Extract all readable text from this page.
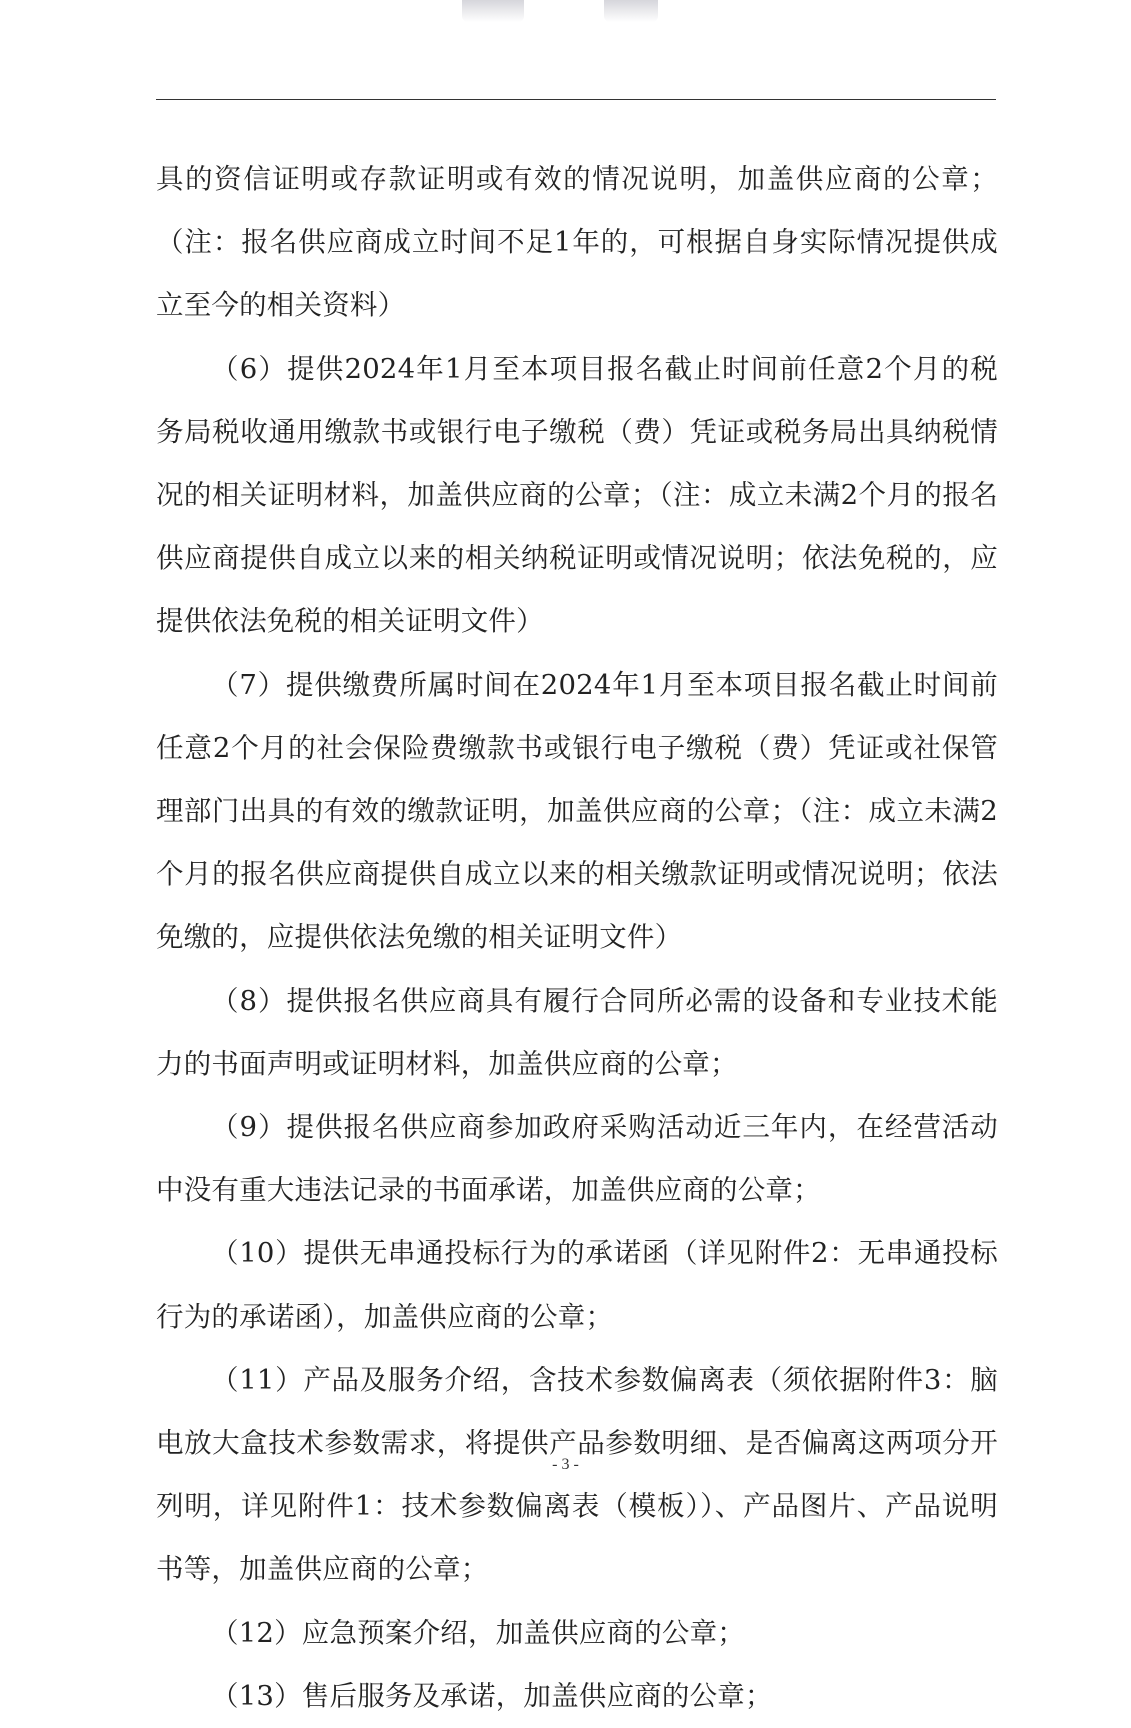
具的资信证明或存款证明或有效的情况说明，加盖供应商的公章；（注：报名供应商成立时间不足1年的，可根据自身实际情况提供成立至今的相关资料）

（6）提供2024年1月至本项目报名截止时间前任意2个月的税务局税收通用缴款书或银行电子缴税（费）凭证或税务局出具纳税情况的相关证明材料，加盖供应商的公章；（注：成立未满2个月的报名供应商提供自成立以来的相关纳税证明或情况说明；依法免税的，应提供依法免税的相关证明文件）

（7）提供缴费所属时间在2024年1月至本项目报名截止时间前任意2个月的社会保险费缴款书或银行电子缴税（费）凭证或社保管理部门出具的有效的缴款证明，加盖供应商的公章；（注：成立未满2个月的报名供应商提供自成立以来的相关缴款证明或情况说明；依法免缴的，应提供依法免缴的相关证明文件）

（8）提供报名供应商具有履行合同所必需的设备和专业技术能力的书面声明或证明材料，加盖供应商的公章；

（9）提供报名供应商参加政府采购活动近三年内，在经营活动中没有重大违法记录的书面承诺，加盖供应商的公章；

（10）提供无串通投标行为的承诺函（详见附件2：无串通投标行为的承诺函），加盖供应商的公章；

（11）产品及服务介绍，含技术参数偏离表（须依据附件3：脑电放大盒技术参数需求，将提供产品参数明细、是否偏离这两项分开列明，详见附件1：技术参数偏离表（模板））、产品图片、产品说明书等，加盖供应商的公章；

（12）应急预案介绍，加盖供应商的公章；

（13）售后服务及承诺，加盖供应商的公章；

- 3 -
